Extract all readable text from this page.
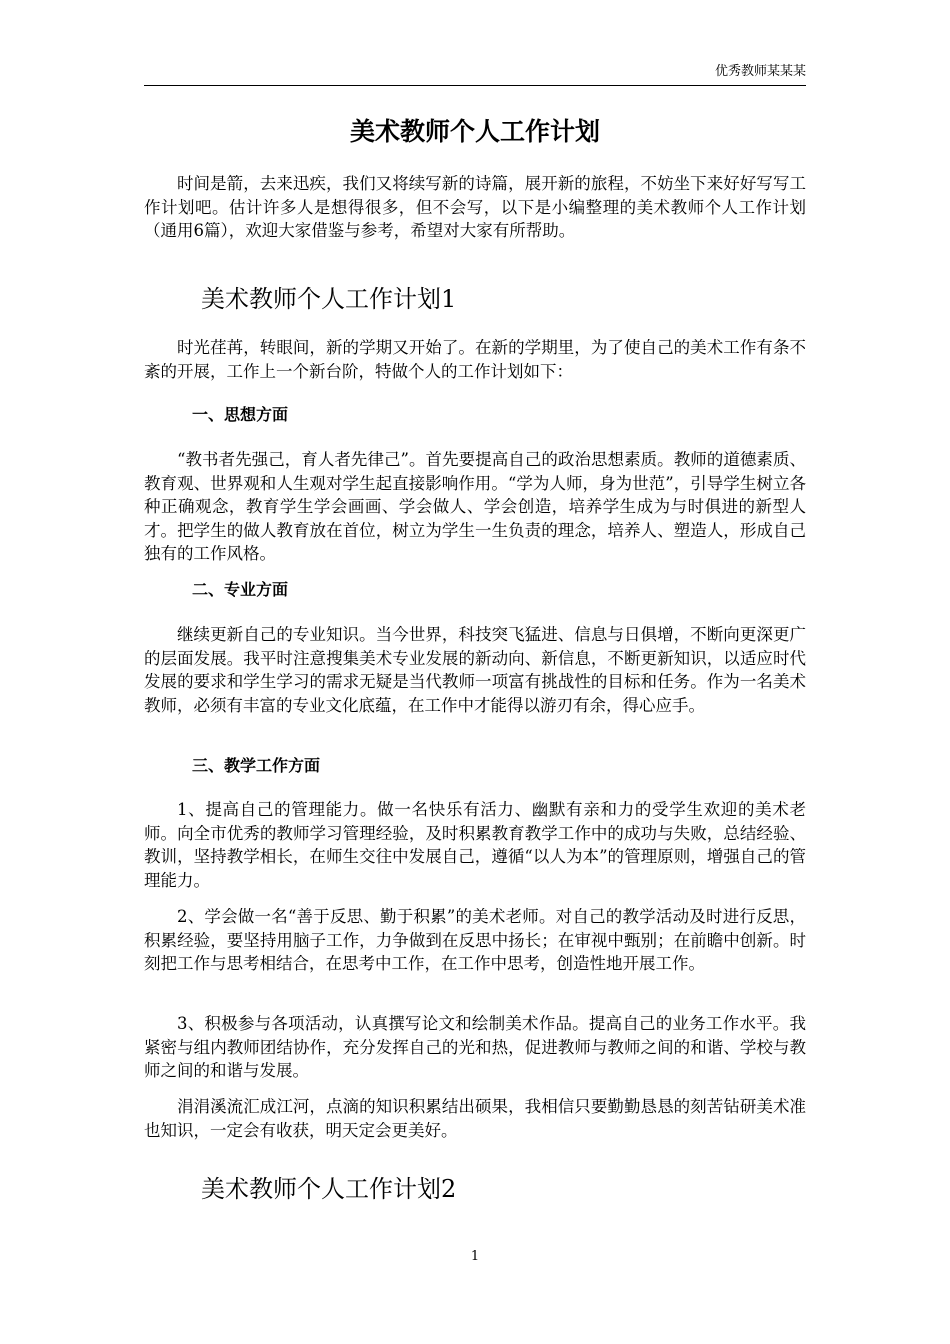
优秀教师某某某
美术教师个人工作计划

时间是箭，去来迅疾，我们又将续写新的诗篇，展开新的旅程，不妨坐下来好好写写工作计划吧。估计许多人是想得很多，但不会写，以下是小编整理的美术教师个人工作计划（通用6篇），欢迎大家借鉴与参考，希望对大家有所帮助。

美术教师个人工作计划1

时光荏苒，转眼间，新的学期又开始了。在新的学期里，为了使自己的美术工作有条不紊的开展，工作上一个新台阶，特做个人的工作计划如下：

一、思想方面

“教书者先强己，育人者先律己”。首先要提高自己的政治思想素质。教师的道德素质、教育观、世界观和人生观对学生起直接影响作用。“学为人师，身为世范”，引导学生树立各种正确观念，教育学生学会画画、学会做人、学会创造，培养学生成为与时俱进的新型人才。把学生的做人教育放在首位，树立为学生一生负责的理念，培养人、塑造人，形成自己独有的工作风格。

二、专业方面

继续更新自己的专业知识。当今世界，科技突飞猛进、信息与日俱增，不断向更深更广的层面发展。我平时注意搜集美术专业发展的新动向、新信息，不断更新知识，以适应时代发展的要求和学生学习的需求无疑是当代教师一项富有挑战性的目标和任务。作为一名美术教师，必须有丰富的专业文化底蕴，在工作中才能得以游刃有余，得心应手。

三、教学工作方面

1、提高自己的管理能力。做一名快乐有活力、幽默有亲和力的受学生欢迎的美术老师。向全市优秀的教师学习管理经验，及时积累教育教学工作中的成功与失败，总结经验、教训，坚持教学相长，在师生交往中发展自己，遵循“以人为本”的管理原则，增强自己的管理能力。

2、学会做一名“善于反思、勤于积累”的美术老师。对自己的教学活动及时进行反思，积累经验，要坚持用脑子工作，力争做到在反思中扬长；在审视中甄别；在前瞻中创新。时刻把工作与思考相结合，在思考中工作，在工作中思考，创造性地开展工作。

3、积极参与各项活动，认真撰写论文和绘制美术作品。提高自己的业务工作水平。我紧密与组内教师团结协作，充分发挥自己的光和热，促进教师与教师之间的和谐、学校与教师之间的和谐与发展。

涓涓溪流汇成江河，点滴的知识积累结出硕果，我相信只要勤勤恳恳的刻苦钻研美术准也知识，一定会有收获，明天定会更美好。

美术教师个人工作计划2
1
